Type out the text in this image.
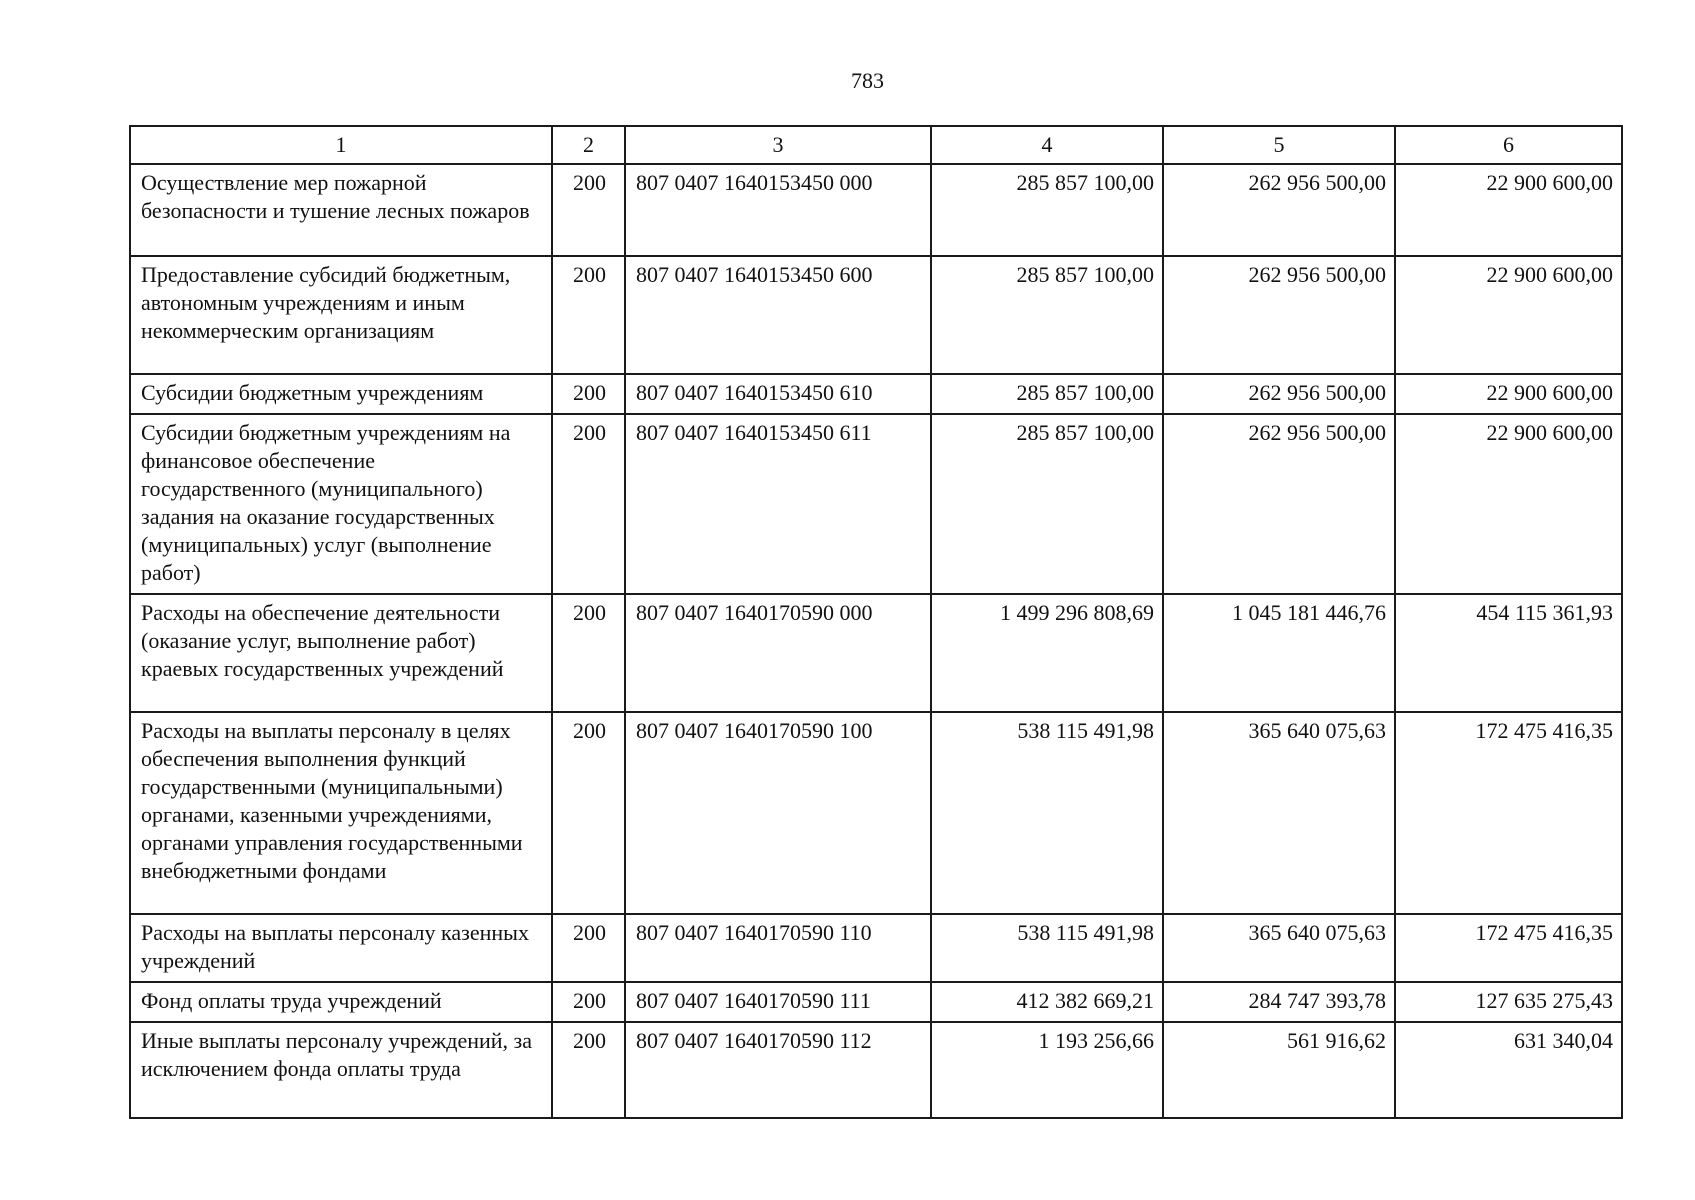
783
1	2	3	4	5	6
Осуществление мер пожарной безопасности и тушение лесных пожаров	200	807 0407 1640153450 000	285 857 100,00	262 956 500,00	22 900 600,00
Предоставление субсидий бюджетным, автономным учреждениям и иным некоммерческим организациям	200	807 0407 1640153450 600	285 857 100,00	262 956 500,00	22 900 600,00
Субсидии бюджетным учреждениям	200	807 0407 1640153450 610	285 857 100,00	262 956 500,00	22 900 600,00
Субсидии бюджетным учреждениям на финансовое обеспечение государственного (муниципального) задания на оказание государственных (муниципальных) услуг (выполнение работ)	200	807 0407 1640153450 611	285 857 100,00	262 956 500,00	22 900 600,00
Расходы на обеспечение деятельности (оказание услуг, выполнение работ) краевых государственных учреждений	200	807 0407 1640170590 000	1 499 296 808,69	1 045 181 446,76	454 115 361,93
Расходы на выплаты персоналу в целях обеспечения выполнения функций государственными (муниципальными) органами, казенными учреждениями, органами управления государственными внебюджетными фондами	200	807 0407 1640170590 100	538 115 491,98	365 640 075,63	172 475 416,35
Расходы на выплаты персоналу казенных учреждений	200	807 0407 1640170590 110	538 115 491,98	365 640 075,63	172 475 416,35
Фонд оплаты труда учреждений	200	807 0407 1640170590 111	412 382 669,21	284 747 393,78	127 635 275,43
Иные выплаты персоналу учреждений, за исключением фонда оплаты труда	200	807 0407 1640170590 112	1 193 256,66	561 916,62	631 340,04
